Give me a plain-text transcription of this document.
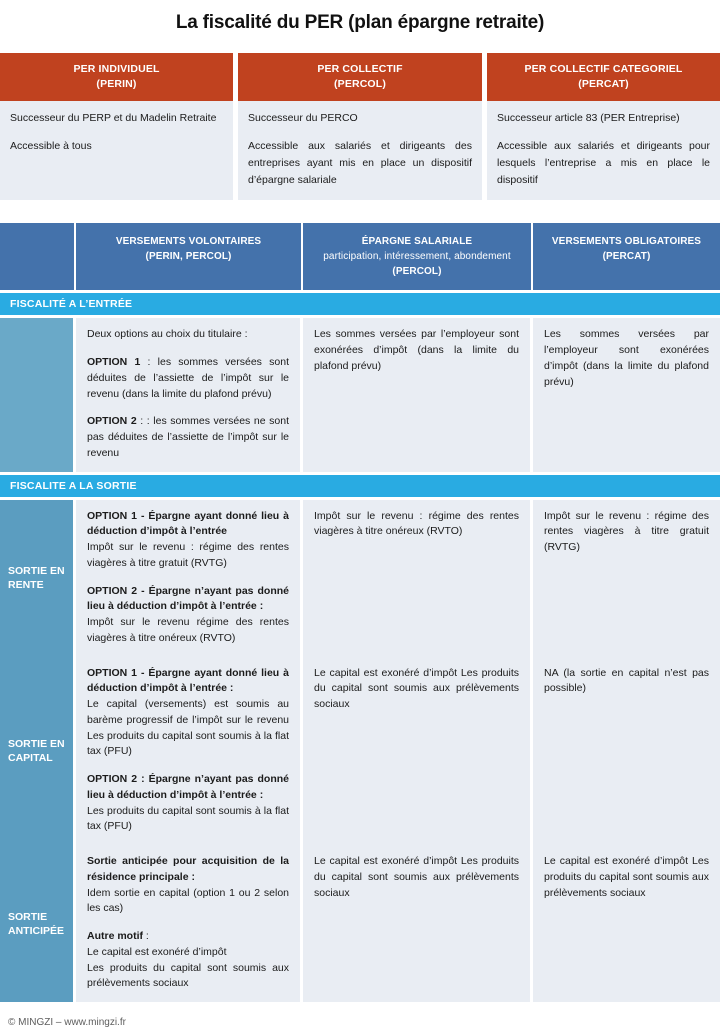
La fiscalité du PER (plan épargne retraite)
PER INDIVIDUEL
(PERIN)
PER COLLECTIF
(PERCOL)
PER COLLECTIF CATEGORIEL
(PERCAT)

Successeur du PERP et du Madelin Retraite

Accessible à tous

Successeur du PERCO

Accessible aux salariés et dirigeants des entreprises ayant mis en place un dispositif d’épargne salariale

Successeur article 83 (PER Entreprise)

Accessible aux salariés et dirigeants pour lesquels l’entreprise a mis en place le dispositif

VERSEMENTS VOLONTAIRES
(PERIN, PERCOL)
ÉPARGNE SALARIALE
participation, intéressement, abondement
(PERCOL)
VERSEMENTS OBLIGATOIRES
(PERCAT)
FISCALITÉ A L’ENTRÉE

Deux options au choix du titulaire :

OPTION 1 : les sommes versées sont déduites de l’assiette de l’impôt sur le revenu (dans la limite du plafond prévu)

OPTION 2 : : les sommes versées ne sont pas déduites de l’assiette de l’impôt sur le revenu

Les sommes versées par l’employeur sont exonérées d’impôt (dans la limite du plafond prévu)

Les sommes versées par l’employeur sont exonérées d’impôt (dans la limite du plafond prévu)

FISCALITE A LA SORTIE
SORTIE EN RENTE

OPTION 1 - Épargne ayant donné lieu à déduction d’impôt à l’entrée
Impôt sur le revenu : régime des rentes viagères à titre gratuit (RVTG)

OPTION 2 - Épargne n’ayant pas donné lieu à déduction d’impôt à l’entrée :
Impôt sur le revenu régime des rentes viagères à titre onéreux (RVTO)

Impôt sur le revenu : régime des rentes viagères à titre onéreux (RVTO)

Impôt sur le revenu : régime des rentes viagères à titre gratuit (RVTG)

SORTIE EN CAPITAL

OPTION 1 - Épargne ayant donné lieu à déduction d’impôt à l’entrée :
Le capital (versements) est soumis au barème progressif de l’impôt sur le revenu Les produits du capital sont soumis à la flat tax (PFU)

OPTION 2 : Épargne n’ayant pas donné lieu à déduction d’impôt à l’entrée :
Les produits du capital sont soumis à la flat tax (PFU)

Le capital est exonéré d’impôt Les produits du capital sont soumis aux prélèvements sociaux

NA (la sortie en capital n’est pas possible)

SORTIE ANTICIPÉE

Sortie anticipée pour acquisition de la résidence principale :
Idem sortie en capital (option 1 ou 2 selon les cas)

Autre motif :
Le capital est exonéré d’impôt
Les produits du capital sont soumis aux prélèvements sociaux

Le capital est exonéré d’impôt Les produits du capital sont soumis aux prélèvements sociaux

Le capital est exonéré d’impôt Les produits du capital sont soumis aux prélèvements sociaux

© MINGZI – www.mingzi.fr
